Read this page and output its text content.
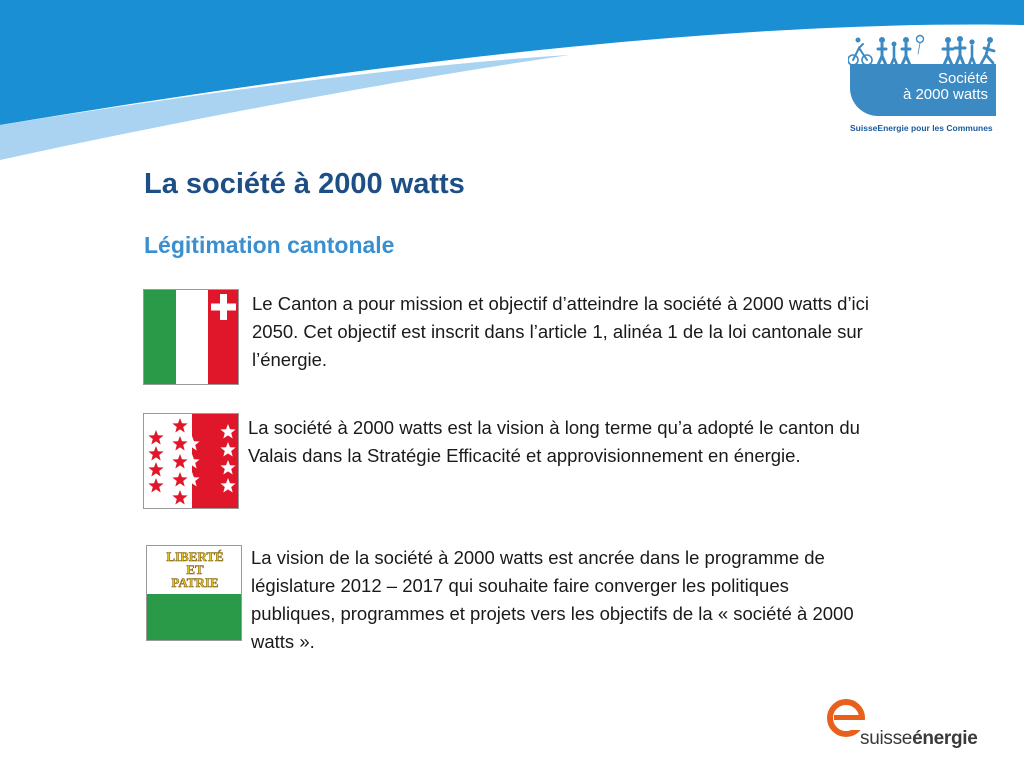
Société
à 2000 watts
SuisseEnergie pour les Communes
La société à 2000 watts
Légitimation cantonale

Le Canton a pour mission et objectif d’atteindre la société à 2000 watts d’ici 2050. Cet objectif est inscrit dans l’article 1, alinéa 1 de la loi cantonale sur l’énergie.

La société à 2000 watts est la vision à long terme qu’a adopté le canton du Valais dans la Stratégie Efficacité et approvisionnement en énergie.

LIBERTÉ
ET
PATRIE

La vision de la société à 2000 watts est ancrée dans le programme de législature 2012 – 2017 qui souhaite faire converger les politiques publiques, programmes et projets vers les objectifs de la « société à 2000 watts ».

suisseénergie
